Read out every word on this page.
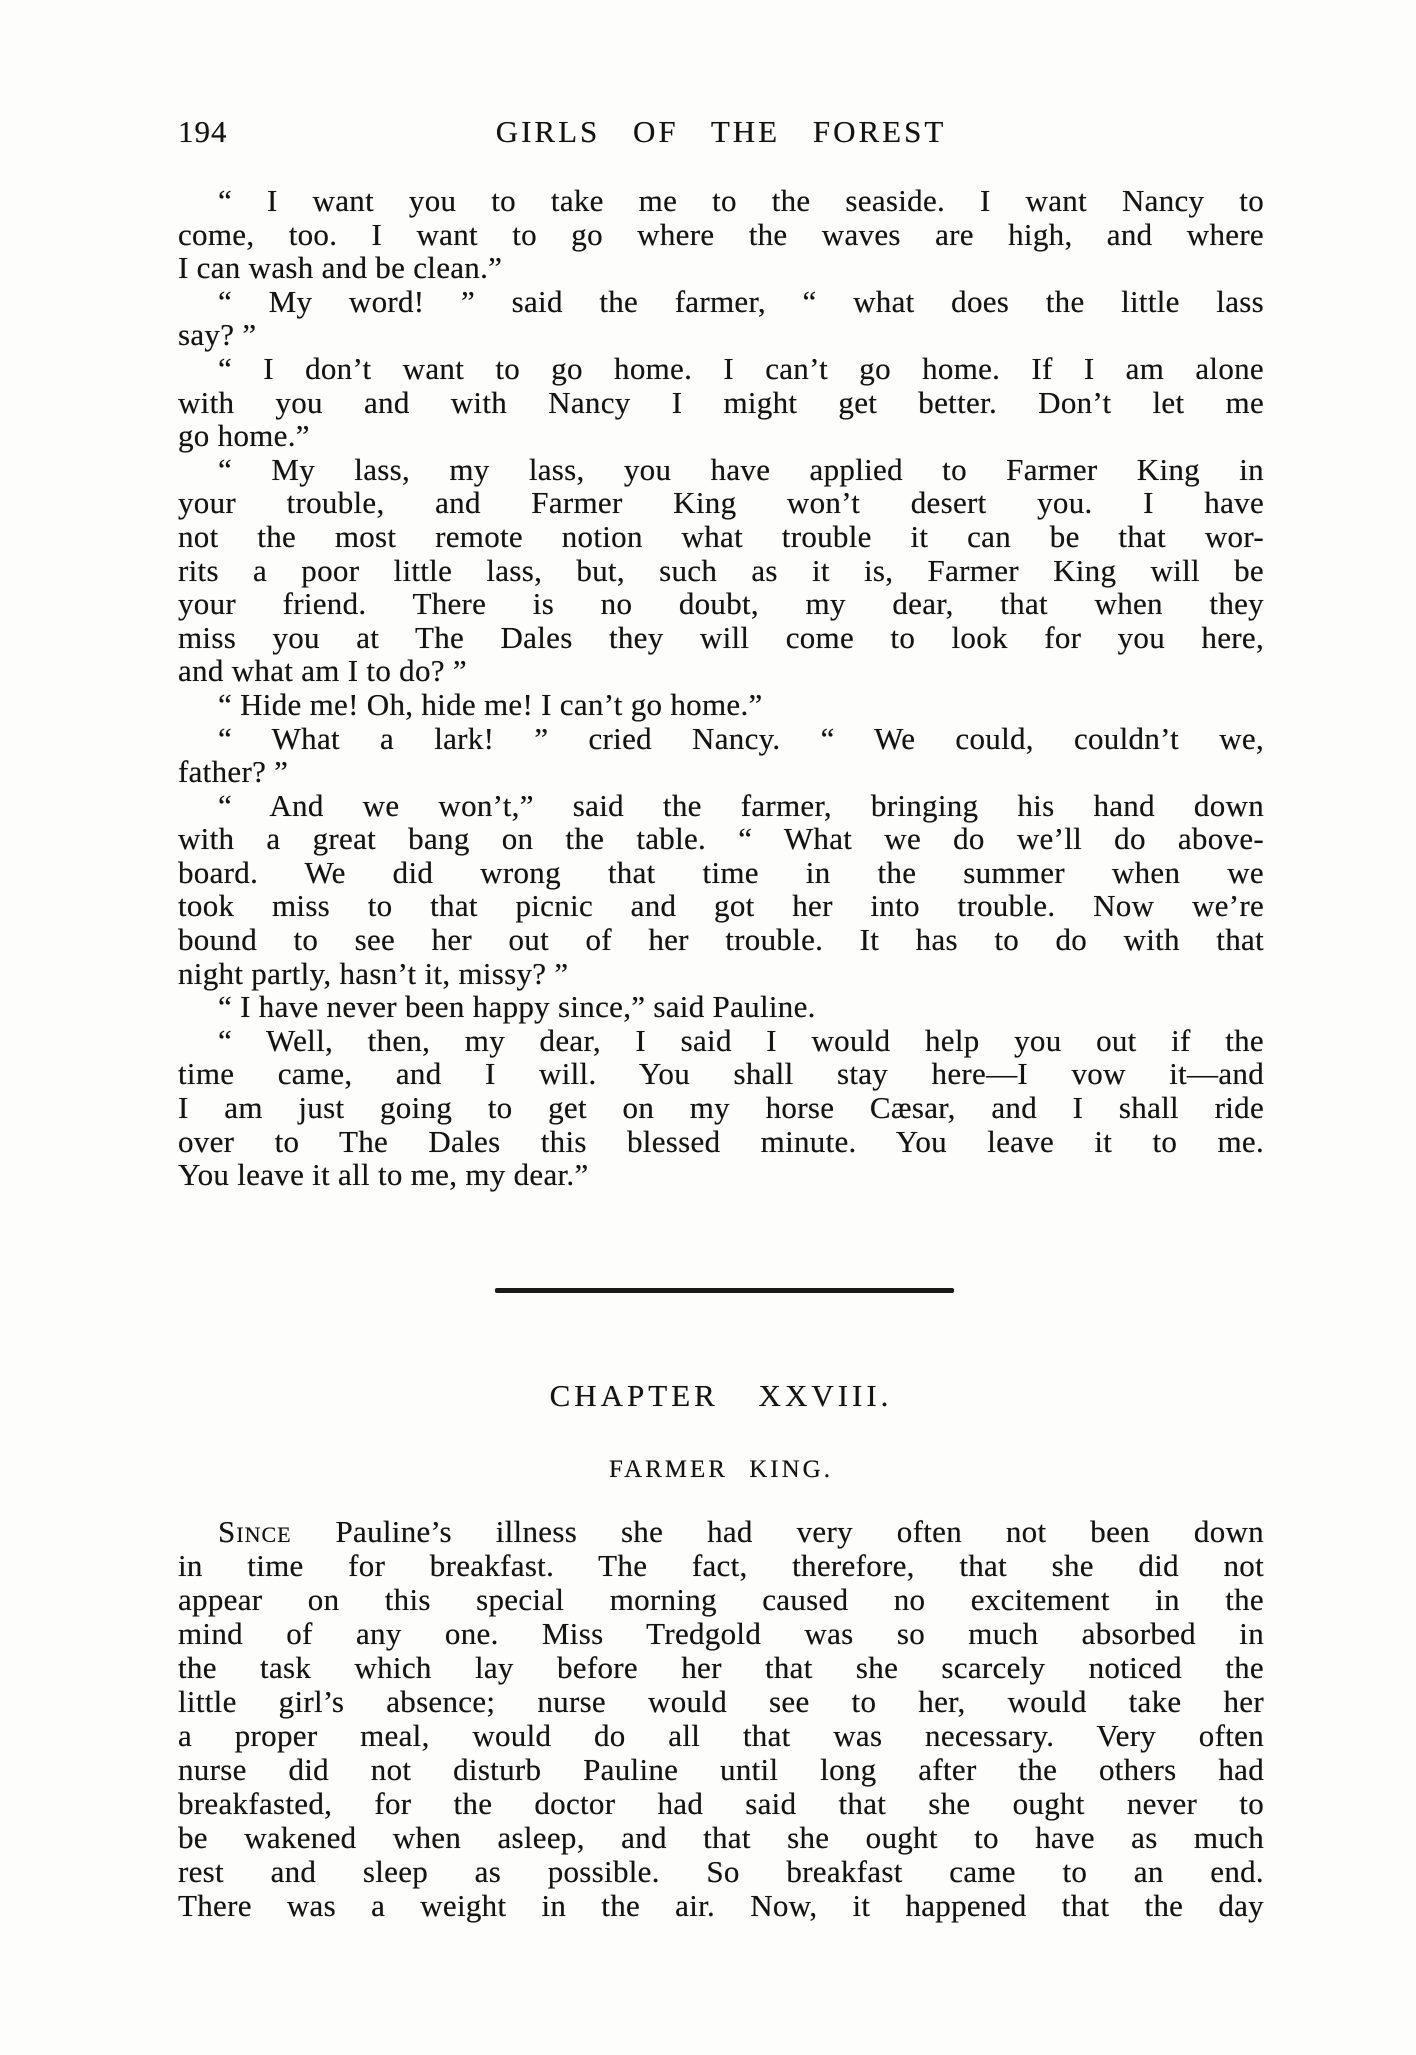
194	GIRLS OF THE FOREST
“ I want you to take me to the seaside. I want Nancy to
come, too. I want to go where the waves are high, and where
I can wash and be clean.”
“ My word! ” said the farmer, “ what does the little lass
say? ”
“ I don’t want to go home. I can’t go home. If I am alone
with you and with Nancy I might get better. Don’t let me
go home.”
“ My lass, my lass, you have applied to Farmer King in
your trouble, and Farmer King won’t desert you. I have
not the most remote notion what trouble it can be that wor-
rits a poor little lass, but, such as it is, Farmer King will be
your friend. There is no doubt, my dear, that when they
miss you at The Dales they will come to look for you here,
and what am I to do? ”
“ Hide me! Oh, hide me! I can’t go home.”
“ What a lark! ” cried Nancy. “ We could, couldn’t we,
father? ”
“ And we won’t,” said the farmer, bringing his hand down
with a great bang on the table. “ What we do we’ll do above-
board. We did wrong that time in the summer when we
took miss to that picnic and got her into trouble. Now we’re
bound to see her out of her trouble. It has to do with that
night partly, hasn’t it, missy? ”
“ I have never been happy since,” said Pauline.
“ Well, then, my dear, I said I would help you out if the
time came, and I will. You shall stay here—I vow it—and
I am just going to get on my horse Cæsar, and I shall ride
over to The Dales this blessed minute. You leave it to me.
You leave it all to me, my dear.”
CHAPTER XXVIII.
FARMER KING.
Since Pauline’s illness she had very often not been down
in time for breakfast. The fact, therefore, that she did not
appear on this special morning caused no excitement in the
mind of any one. Miss Tredgold was so much absorbed in
the task which lay before her that she scarcely noticed the
little girl’s absence; nurse would see to her, would take her
a proper meal, would do all that was necessary. Very often
nurse did not disturb Pauline until long after the others had
breakfasted, for the doctor had said that she ought never to
be wakened when asleep, and that she ought to have as much
rest and sleep as possible. So breakfast came to an end.
There was a weight in the air. Now, it happened that the day
